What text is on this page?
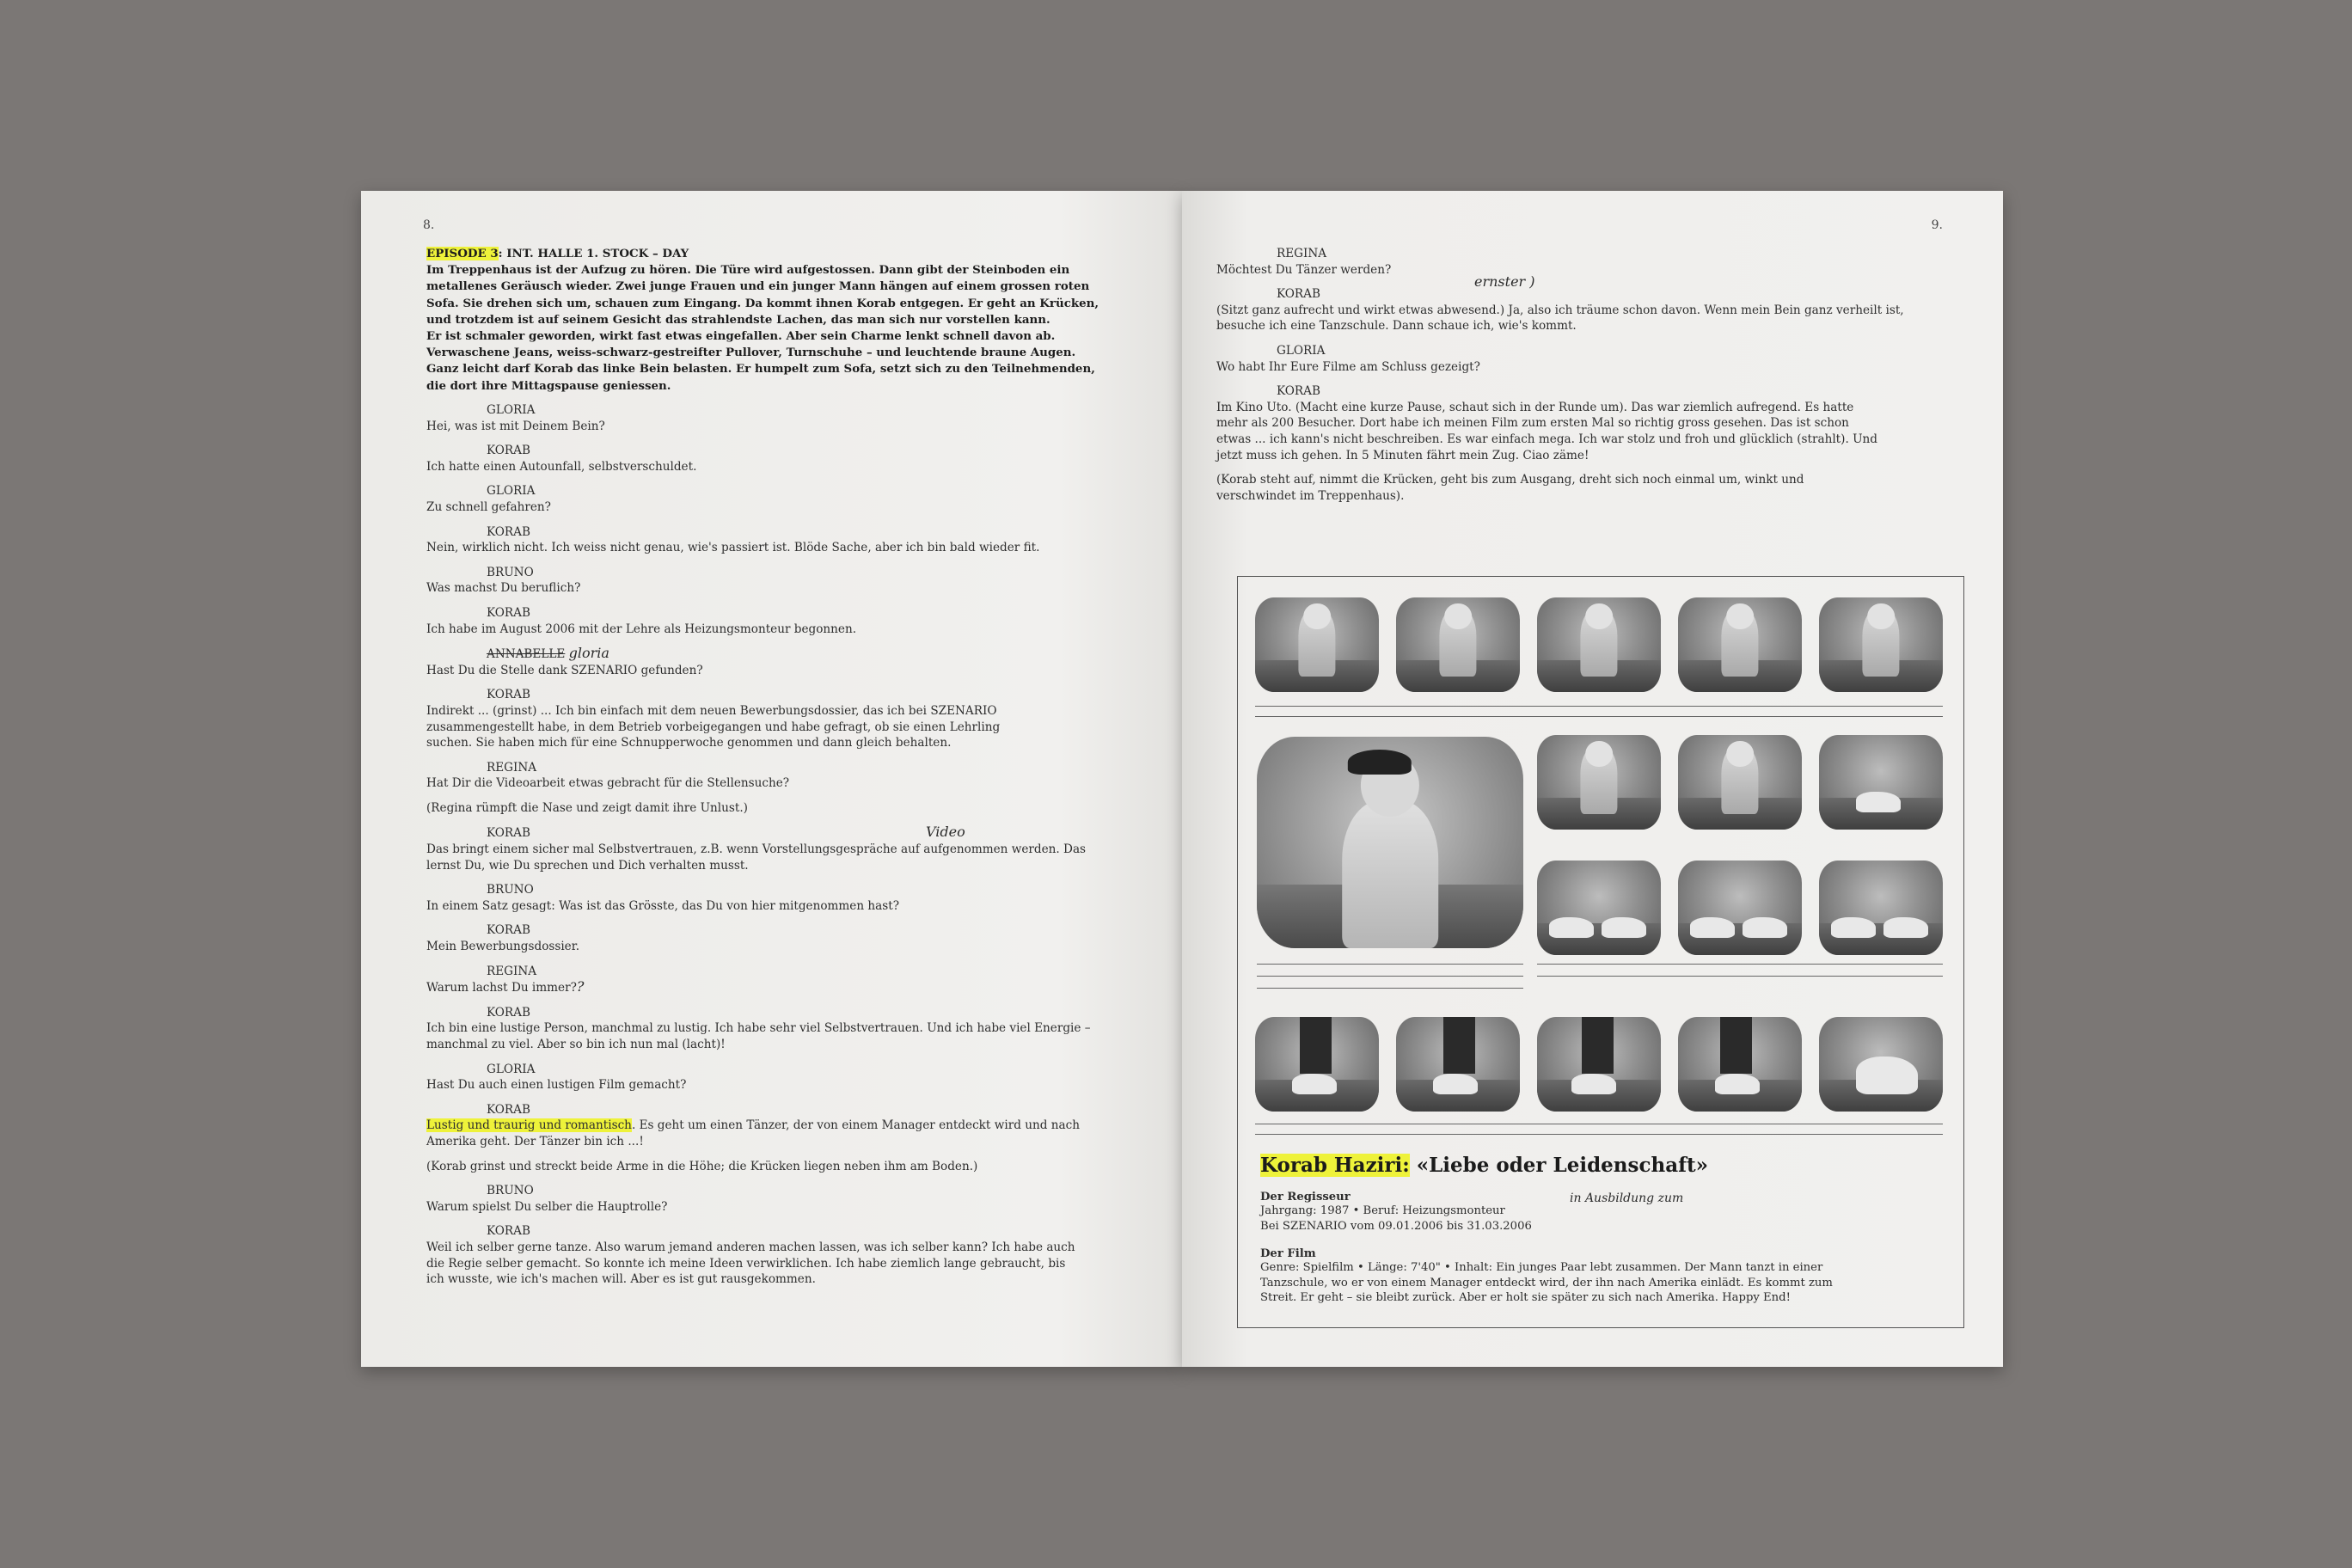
8.
EPISODE 3: INT. HALLE 1. STOCK – DAY
Im Treppenhaus ist der Aufzug zu hören. Die Türe wird aufgestossen. Dann gibt der Steinboden ein
metallenes Geräusch wieder. Zwei junge Frauen und ein junger Mann hängen auf einem grossen roten
Sofa. Sie drehen sich um, schauen zum Eingang. Da kommt ihnen Korab entgegen. Er geht an Krücken,
und trotzdem ist auf seinem Gesicht das strahlendste Lachen, das man sich nur vorstellen kann.
Er ist schmaler geworden, wirkt fast etwas eingefallen. Aber sein Charme lenkt schnell davon ab.
Verwaschene Jeans, weiss-schwarz-gestreifter Pullover, Turnschuhe – und leuchtende braune Augen.
Ganz leicht darf Korab das linke Bein belasten. Er humpelt zum Sofa, setzt sich zu den Teilnehmenden,
die dort ihre Mittagspause geniessen.
GLORIA
Hei, was ist mit Deinem Bein?
KORAB
Ich hatte einen Autounfall, selbstverschuldet.
GLORIA
Zu schnell gefahren?
KORAB
Nein, wirklich nicht. Ich weiss nicht genau, wie's passiert ist. Blöde Sache, aber ich bin bald wieder fit.
BRUNO
Was machst Du beruflich?
KORAB
Ich habe im August 2006 mit der Lehre als Heizungsmonteur begonnen.
ANNABELLE gloria
Hast Du die Stelle dank SZENARIO gefunden?
KORAB
Indirekt ... (grinst) ... Ich bin einfach mit dem neuen Bewerbungsdossier, das ich bei SZENARIO zusammengestellt habe, in dem Betrieb vorbeigegangen und habe gefragt, ob sie einen Lehrling suchen. Sie haben mich für eine Schnupperwoche genommen und dann gleich behalten.
REGINA
Hat Dir die Videoarbeit etwas gebracht für die Stellensuche?
(Regina rümpft die Nase und zeigt damit ihre Unlust.)
KORAB	Video
Das bringt einem sicher mal Selbstvertrauen, z.B. wenn Vorstellungsgespräche auf aufgenommen werden. Das lernst Du, wie Du sprechen und Dich verhalten musst.
BRUNO
In einem Satz gesagt: Was ist das Grösste, das Du von hier mitgenommen hast?
KORAB
Mein Bewerbungsdossier.
REGINA
Warum lachst Du immer??
KORAB
Ich bin eine lustige Person, manchmal zu lustig. Ich habe sehr viel Selbstvertrauen. Und ich habe viel Energie – manchmal zu viel. Aber so bin ich nun mal (lacht)!
GLORIA
Hast Du auch einen lustigen Film gemacht?
KORAB
Lustig und traurig und romantisch. Es geht um einen Tänzer, der von einem Manager entdeckt wird und nach Amerika geht. Der Tänzer bin ich ...!
(Korab grinst und streckt beide Arme in die Höhe; die Krücken liegen neben ihm am Boden.)
BRUNO
Warum spielst Du selber die Hauptrolle?
KORAB
Weil ich selber gerne tanze. Also warum jemand anderen machen lassen, was ich selber kann? Ich habe auch die Regie selber gemacht. So konnte ich meine Ideen verwirklichen. Ich habe ziemlich lange gebraucht, bis ich wusste, wie ich's machen will. Aber es ist gut rausgekommen.
9.
REGINA
Möchtest Du Tänzer werden?
KORAB
ernster )
(Sitzt ganz aufrecht und wirkt etwas abwesend.) Ja, also ich träume schon davon. Wenn mein Bein ganz verheilt ist, besuche ich eine Tanzschule. Dann schaue ich, wie's kommt.
GLORIA
Wo habt Ihr Eure Filme am Schluss gezeigt?
KORAB
Im Kino Uto. (Macht eine kurze Pause, schaut sich in der Runde um). Das war ziemlich aufregend. Es hatte mehr als 200 Besucher. Dort habe ich meinen Film zum ersten Mal so richtig gross gesehen. Das ist schon etwas ... ich kann's nicht beschreiben. Es war einfach mega. Ich war stolz und froh und glücklich (strahlt). Und jetzt muss ich gehen. In 5 Minuten fährt mein Zug. Ciao zäme!
(Korab steht auf, nimmt die Krücken, geht bis zum Ausgang, dreht sich noch einmal um, winkt und verschwindet im Treppenhaus).
Korab Haziri: «Liebe oder Leidenschaft»
Der Regisseur
Jahrgang: 1987 • Beruf: Heizungsmonteur
in Ausbildung zum
Bei SZENARIO vom 09.01.2006 bis 31.03.2006
Der Film
Genre: Spielfilm • Länge: 7'40" • Inhalt: Ein junges Paar lebt zusammen. Der Mann tanzt in einer
Tanzschule, wo er von einem Manager entdeckt wird, der ihn nach Amerika einlädt. Es kommt zum
Streit. Er geht – sie bleibt zurück. Aber er holt sie später zu sich nach Amerika. Happy End!
